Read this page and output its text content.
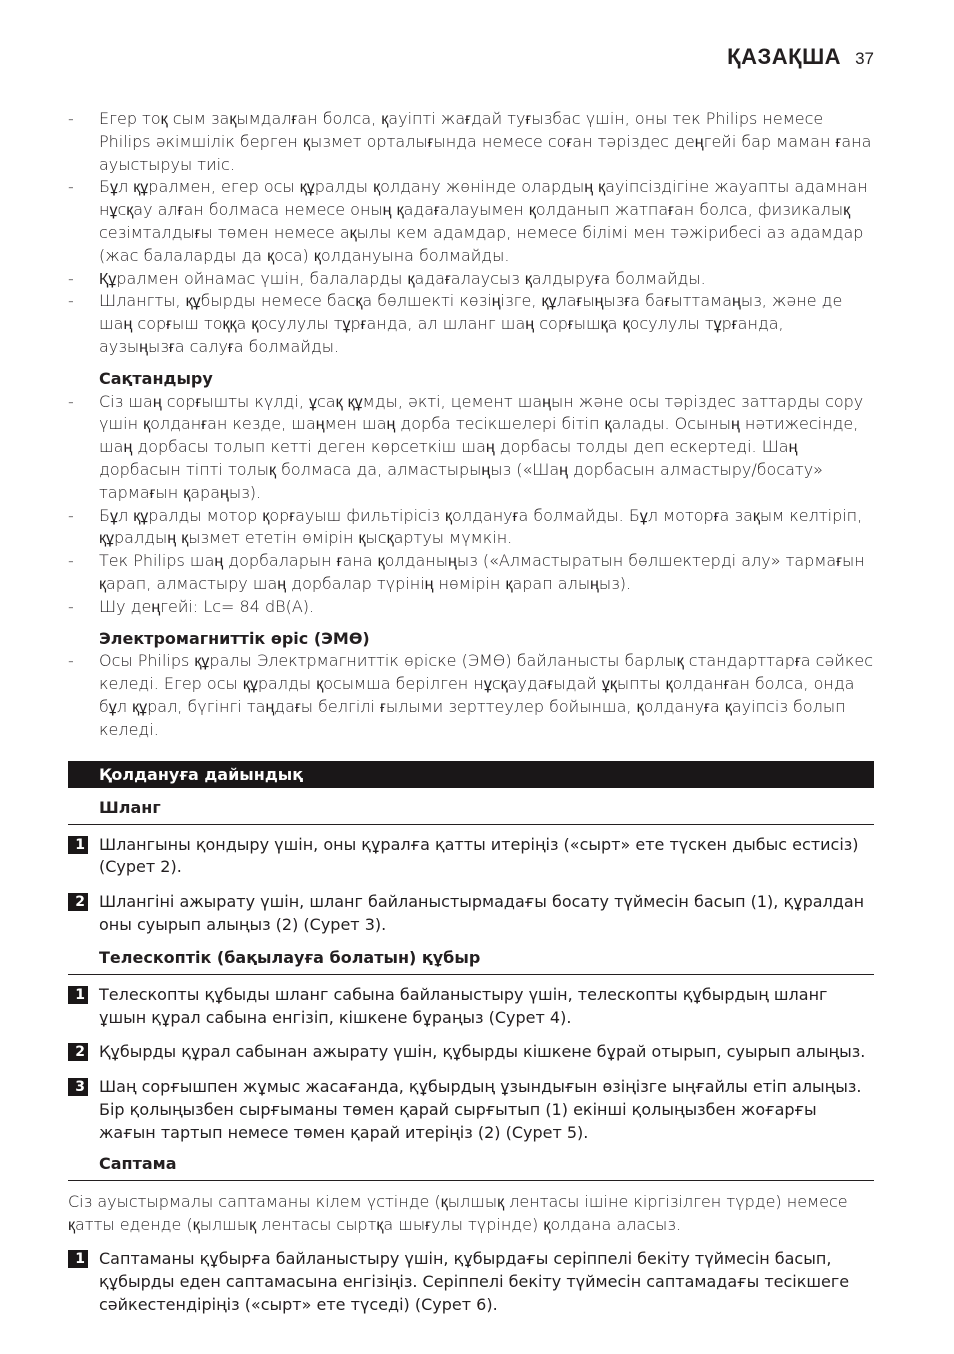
ҚАЗАҚША 37
- Егер тоқ сым зақымдалған болса, қауіпті жағдай туғызбас үшін, оны тек Philips немесе Philips әкімшілік берген қызмет орталығында немесе соған тәріздес деңгейі бар маман ғана ауыстыруы тиіс.
- Бұл құралмен, егер осы құралды қолдану жөнінде олардың қауіпсіздігіне жауапты адамнан нұсқау алған болмаса немесе оның қадағалауымен қолданып жатпаған болса, физикалық сезімталдығы төмен немесе ақылы кем адамдар, немесе білімі мен тәжірибесі аз адамдар (жас балаларды да қоса) қолдануына болмайды.
- Құралмен ойнамас үшін, балаларды қадағалаусыз қалдыруға болмайды.
- Шлангты, құбырды немесе басқа бөлшекті көзіңізге, құлағыңызға бағыттамаңыз, және де шаң сорғыш тоққа қосулулы тұрғанда, ал шланг шаң сорғышқа қосулулы тұрғанда, аузыңызға салуға болмайды.
Сақтандыру
- Сіз шаң сорғышты күлді, ұсақ құмды, әкті, цемент шаңын және осы тәріздес заттарды сору үшін қолданған кезде, шаңмен шаң дорба тесікшелері бітіп қалады. Осының нәтижесінде, шаң дорбасы толып кетті деген көрсеткіш шаң дорбасы толды деп ескертеді. Шаң дорбасын тіпті толық болмаса да, алмастырыңыз («Шаң дорбасын алмастыру/босату» тармағын қараңыз).
- Бұл құралды мотор қорғауыш фильтірісіз қолдануға болмайды. Бұл моторға зақым келтіріп, құралдың қызмет ететін өмірін қысқартуы мүмкін.
- Тек Philips шаң дорбаларын ғана қолданыңыз («Алмастыратын бөлшектерді алу» тармағын қарап, алмастыру шаң дорбалар түрінің нөмірін қарап алыңыз).
- Шу деңгейі: Lc= 84 dB(A).
Электромагниттік өріс (ЭМӨ)
- Осы Philips құралы Электрмагниттік өріске (ЭМӨ) байланысты барлық стандарттарға сәйкес келеді. Егер осы құралды қосымша берілген нұсқаудағыдай ұқыпты қолданған болса, онда бұл құрал, бүгінгі таңдағы белгілі ғылыми зерттеулер бойынша, қолдануға қауіпсіз болып келеді.
Қолдануға дайындық
Шланг
1 Шлангыны қондыру үшін, оны құралға қатты итеріңіз («сырт» ете түскен дыбыс естисіз) (Сурет 2).
2 Шлангіні ажырату үшін, шланг байланыстырмадағы босату түймесін басып (1), құралдан оны суырып алыңыз (2) (Сурет 3).
Телескоптік (бақылауға болатын) құбыр
1 Телескопты құбыды шланг сабына байланыстыру үшін, телескопты құбырдың шланг ұшын құрал сабына енгізіп, кішкене бұраңыз (Сурет 4).
2 Құбырды құрал сабынан ажырату үшін, құбырды кішкене бұрай отырып, суырып алыңыз.
3 Шаң сорғышпен жұмыс жасағанда, құбырдың ұзындығын өзіңізге ыңғайлы етіп алыңыз. Бір қолыңызбен сырғыманы төмен қарай сырғытып (1) екінші қолыңызбен жоғарғы жағын тартып немесе төмен қарай итеріңіз (2) (Сурет 5).
Саптама
Сіз ауыстырмалы саптаманы кілем үстінде (қылшық лентасы ішіне кіргізілген түрде) немесе қатты еденде (қылшық лентасы сыртқа шығулы түрінде) қолдана аласыз.
1 Саптаманы құбырға байланыстыру үшін, құбырдағы серіппелі бекіту түймесін басып, құбырды еден саптамасына енгізіңіз. Серіппелі бекіту түймесін саптамадағы тесікшеге сәйкестендіріңіз («сырт» ете түседі) (Сурет 6).
